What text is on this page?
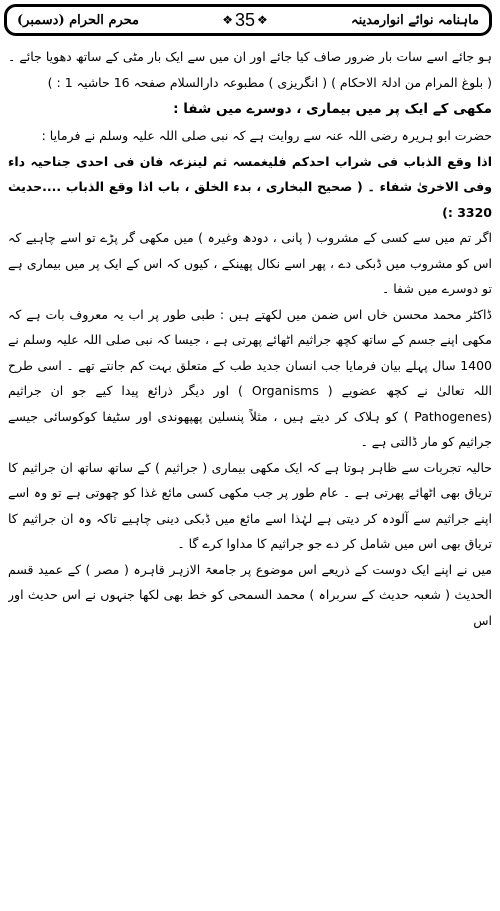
ماہنامہ نوائے انوارمدینہ
❖
35
❖
محرم الحرام (دسمبر)

ہو جائے اسے سات بار ضرور صاف کیا جائے اور ان میں سے ایک بار مٹی کے ساتھ دھویا جائے ۔( بلوغ المرام من ادلۃ الاحکام ) ( انگریزی ) مطبوعہ دارالسلام صفحہ 16 حاشیہ 1 : )

مکھی کے ایک پر میں بیماری ، دوسرے میں شفا :

حضرت ابو ہریرہ رضی اللہ عنہ سے روایت ہے کہ نبی صلی اللہ علیہ وسلم نے فرمایا :

اذا وقع الذباب فی شراب احدکم فلیغمسہ ثم لینزعہ فان فی احدی جناحیہ داء وفی الاخریٰ شفاء ۔ ( صحیح البخاری ، بدء الخلق ، باب اذا وقع الذباب ....حدیث 3320 :)

اگر تم میں سے کسی کے مشروب ( پانی ، دودھ وغیرہ ) میں مکھی گر پڑے تو اسے چاہیے کہ اس کو مشروب میں ڈبکی دے ، پھر اسے نکال پھینکے ، کیوں کہ اس کے ایک پر میں بیماری ہے تو دوسرے میں شفا ۔

ڈاکٹر محمد محسن خاں اس ضمن میں لکھتے ہیں : طبی طور پر اب یہ معروف بات ہے کہ مکھی اپنے جسم کے ساتھ کچھ جراثیم اٹھائے پھرتی ہے ، جیسا کہ نبی صلی اللہ علیہ وسلم نے 1400 سال پہلے بیان فرمایا جب انسان جدید طب کے متعلق بہت کم جانتے تھے ۔ اسی طرح اللہ تعالیٰ نے کچھ عضویے ( Organisms ) اور دیگر ذرائع پیدا کیے جو ان جراثیم (Pathogenes ) کو ہلاک کر دیتے ہیں ، مثلاً پنسلین پھپھوندی اور سٹیفا کوکوسائی جیسے جراثیم کو مار ڈالتی ہے ۔

حالیہ تجربات سے ظاہر ہوتا ہے کہ ایک مکھی بیماری ( جراثیم ) کے ساتھ ساتھ ان جراثیم کا تریاق بھی اٹھائے پھرتی ہے ۔ عام طور پر جب مکھی کسی مائع غذا کو چھوتی ہے تو وہ اسے اپنے جراثیم سے آلودہ کر دیتی ہے لہٰذا اسے مائع میں ڈبکی دینی چاہیے تاکہ وہ ان جراثیم کا تریاق بھی اس میں شامل کر دے جو جراثیم کا مداوا کرے گا ۔

میں نے اپنے ایک دوست کے ذریعے اس موضوع پر جامعۃ الازہر قاہرہ ( مصر ) کے عمید قسم الحدیث ( شعبہ حدیث کے سربراہ ) محمد السمحی کو خط بھی لکھا جنہوں نے اس حدیث اور اس
